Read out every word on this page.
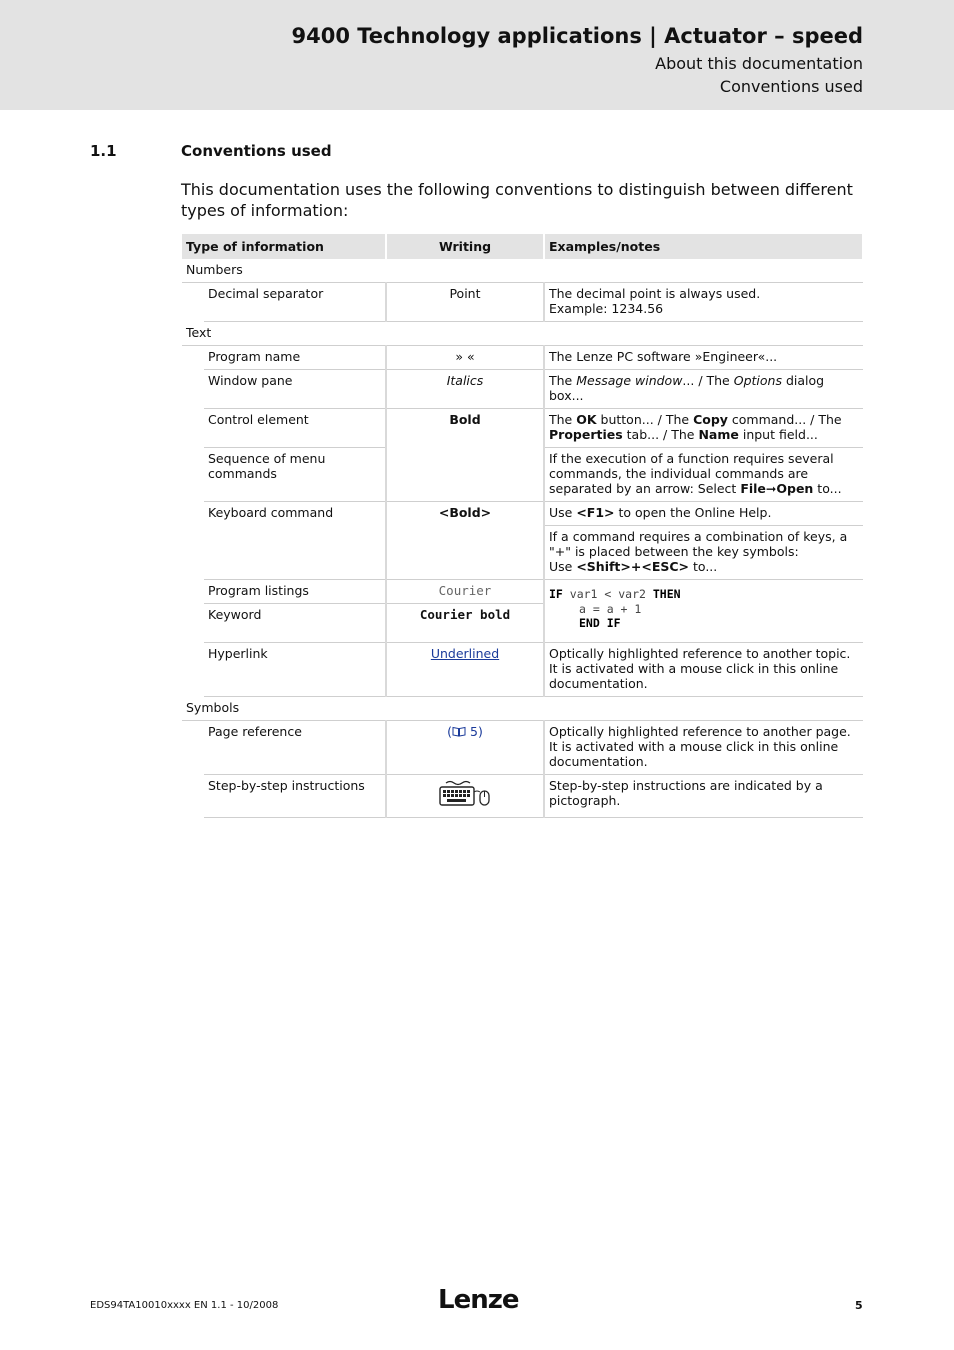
9400 Technology applications | Actuator – speed
About this documentation
Conventions used
1.1	Conventions used
This documentation uses the following conventions to distinguish between different types of information:
Type of information		Writing	Examples/notes
Numbers			
	Decimal separator	Point	The decimal point is always used.
Example: 1234.56

Text			
	Program name	» «	The Lenze PC software »Engineer«...
	Window pane	Italics	The Message window... / The Options dialog box...
	Control element	Bold	The OK button... / The Copy command... / The Properties tab... / The Name input field...
	Sequence of menu commands		If the execution of a function requires several commands, the individual commands are separated by an arrow: Select File➞Open to...
	Keyboard command	<Bold>	Use <F1> to open the Online Help.

			If a command requires a combination of keys, a "+" is placed between the key symbols:
Use <Shift>+<ESC> to...

	Program listings	Courier	IF var1 < var2 THEN
a = a + 1
END IF

	Keyword	Courier bold	
	Hyperlink	Underlined	Optically highlighted reference to another topic. It is activated with a mouse click in this online documentation.
Symbols			
	Page reference	( 5)	Optically highlighted reference to another page. It is activated with a mouse click in this online documentation.
	Step-by-step instructions		Step-by-step instructions are indicated by a pictograph.
EDS94TA10010xxxx EN 1.1 - 10/2008	Lenze	5
